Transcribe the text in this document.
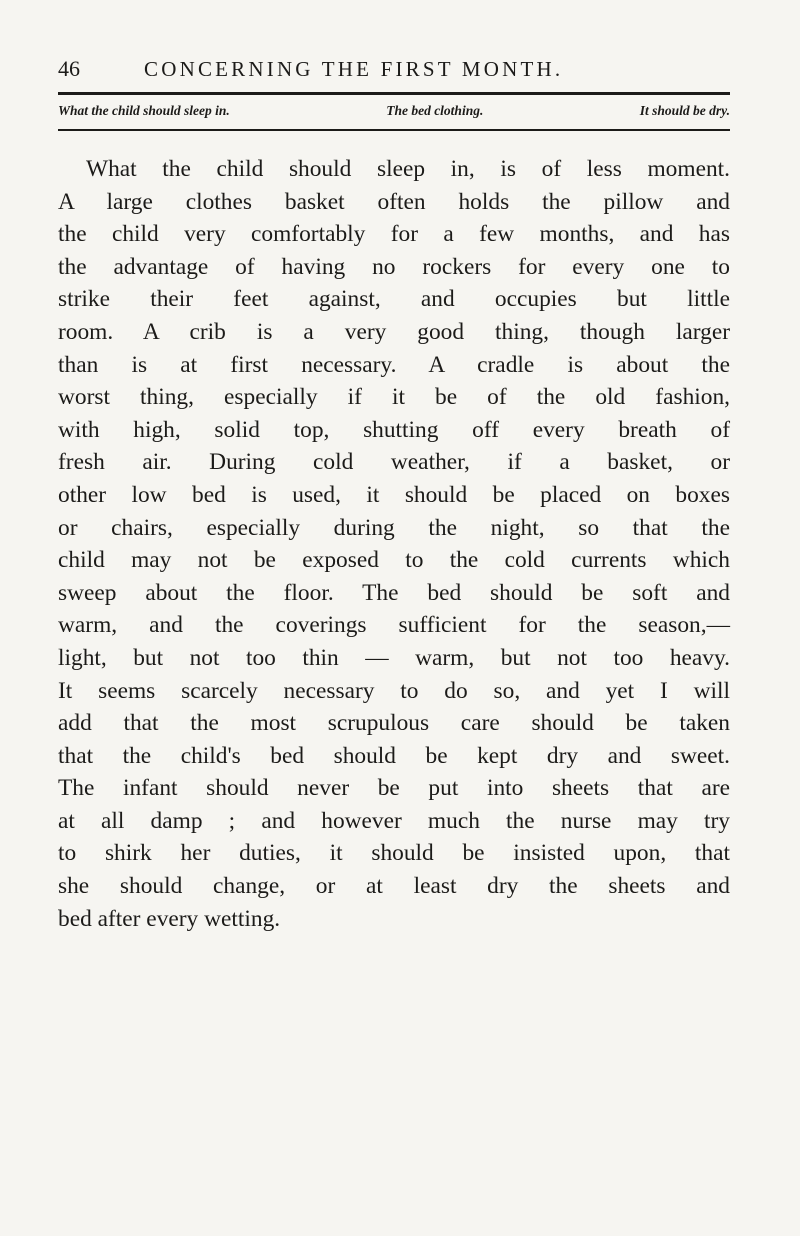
46	CONCERNING THE FIRST MONTH.
What the child should sleep in.	The bed clothing.	It should be dry.
What the child should sleep in, is of less moment.
A large clothes basket often holds the pillow and
the child very comfortably for a few months, and has
the advantage of having no rockers for every one to
strike their feet against, and occupies but little
room. A crib is a very good thing, though larger
than is at first necessary. A cradle is about the
worst thing, especially if it be of the old fashion,
with high, solid top, shutting off every breath of
fresh air. During cold weather, if a basket, or
other low bed is used, it should be placed on boxes
or chairs, especially during the night, so that the
child may not be exposed to the cold currents which
sweep about the floor. The bed should be soft and
warm, and the coverings sufficient for the season,—
light, but not too thin — warm, but not too heavy.
It seems scarcely necessary to do so, and yet I will
add that the most scrupulous care should be taken
that the child's bed should be kept dry and sweet.
The infant should never be put into sheets that are
at all damp ; and however much the nurse may try
to shirk her duties, it should be insisted upon, that
she should change, or at least dry the sheets and
bed after every wetting.
